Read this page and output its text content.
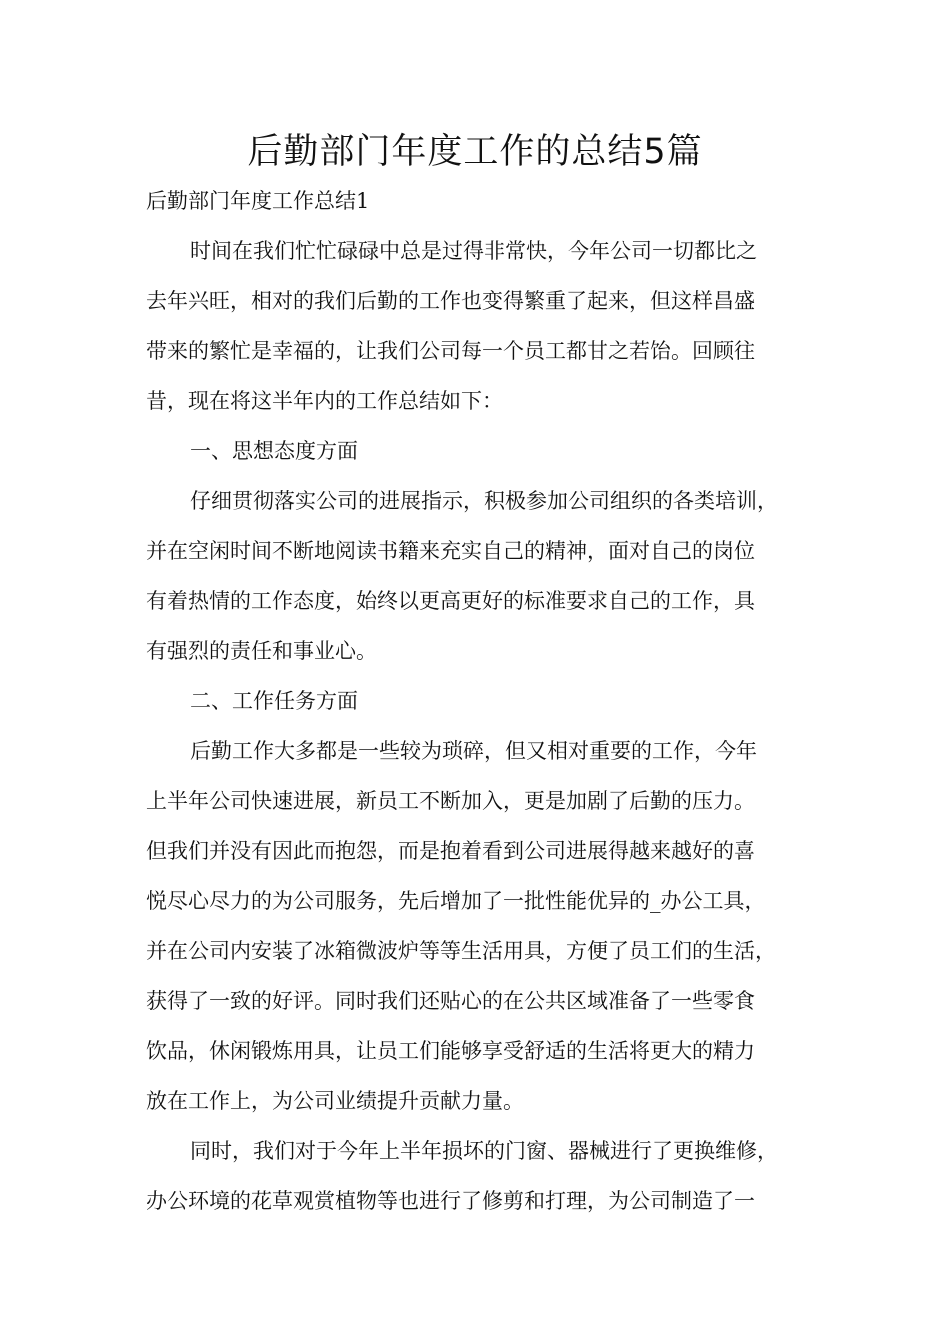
后勤部门年度工作的总结5篇
后勤部门年度工作总结1
时间在我们忙忙碌碌中总是过得非常快，今年公司一切都比之
去年兴旺，相对的我们后勤的工作也变得繁重了起来，但这样昌盛
带来的繁忙是幸福的，让我们公司每一个员工都甘之若饴。回顾往
昔，现在将这半年内的工作总结如下：
一、思想态度方面
仔细贯彻落实公司的进展指示，积极参加公司组织的各类培训，
并在空闲时间不断地阅读书籍来充实自己的精神，面对自己的岗位
有着热情的工作态度，始终以更高更好的标准要求自己的工作，具
有强烈的责任和事业心。
二、工作任务方面
后勤工作大多都是一些较为琐碎，但又相对重要的工作，今年
上半年公司快速进展，新员工不断加入，更是加剧了后勤的压力。
但我们并没有因此而抱怨，而是抱着看到公司进展得越来越好的喜
悦尽心尽力的为公司服务，先后增加了一批性能优异的_办公工具，
并在公司内安装了冰箱微波炉等等生活用具，方便了员工们的生活，
获得了一致的好评。同时我们还贴心的在公共区域准备了一些零食
饮品，休闲锻炼用具，让员工们能够享受舒适的生活将更大的精力
放在工作上，为公司业绩提升贡献力量。
同时，我们对于今年上半年损坏的门窗、器械进行了更换维修，
办公环境的花草观赏植物等也进行了修剪和打理，为公司制造了一
